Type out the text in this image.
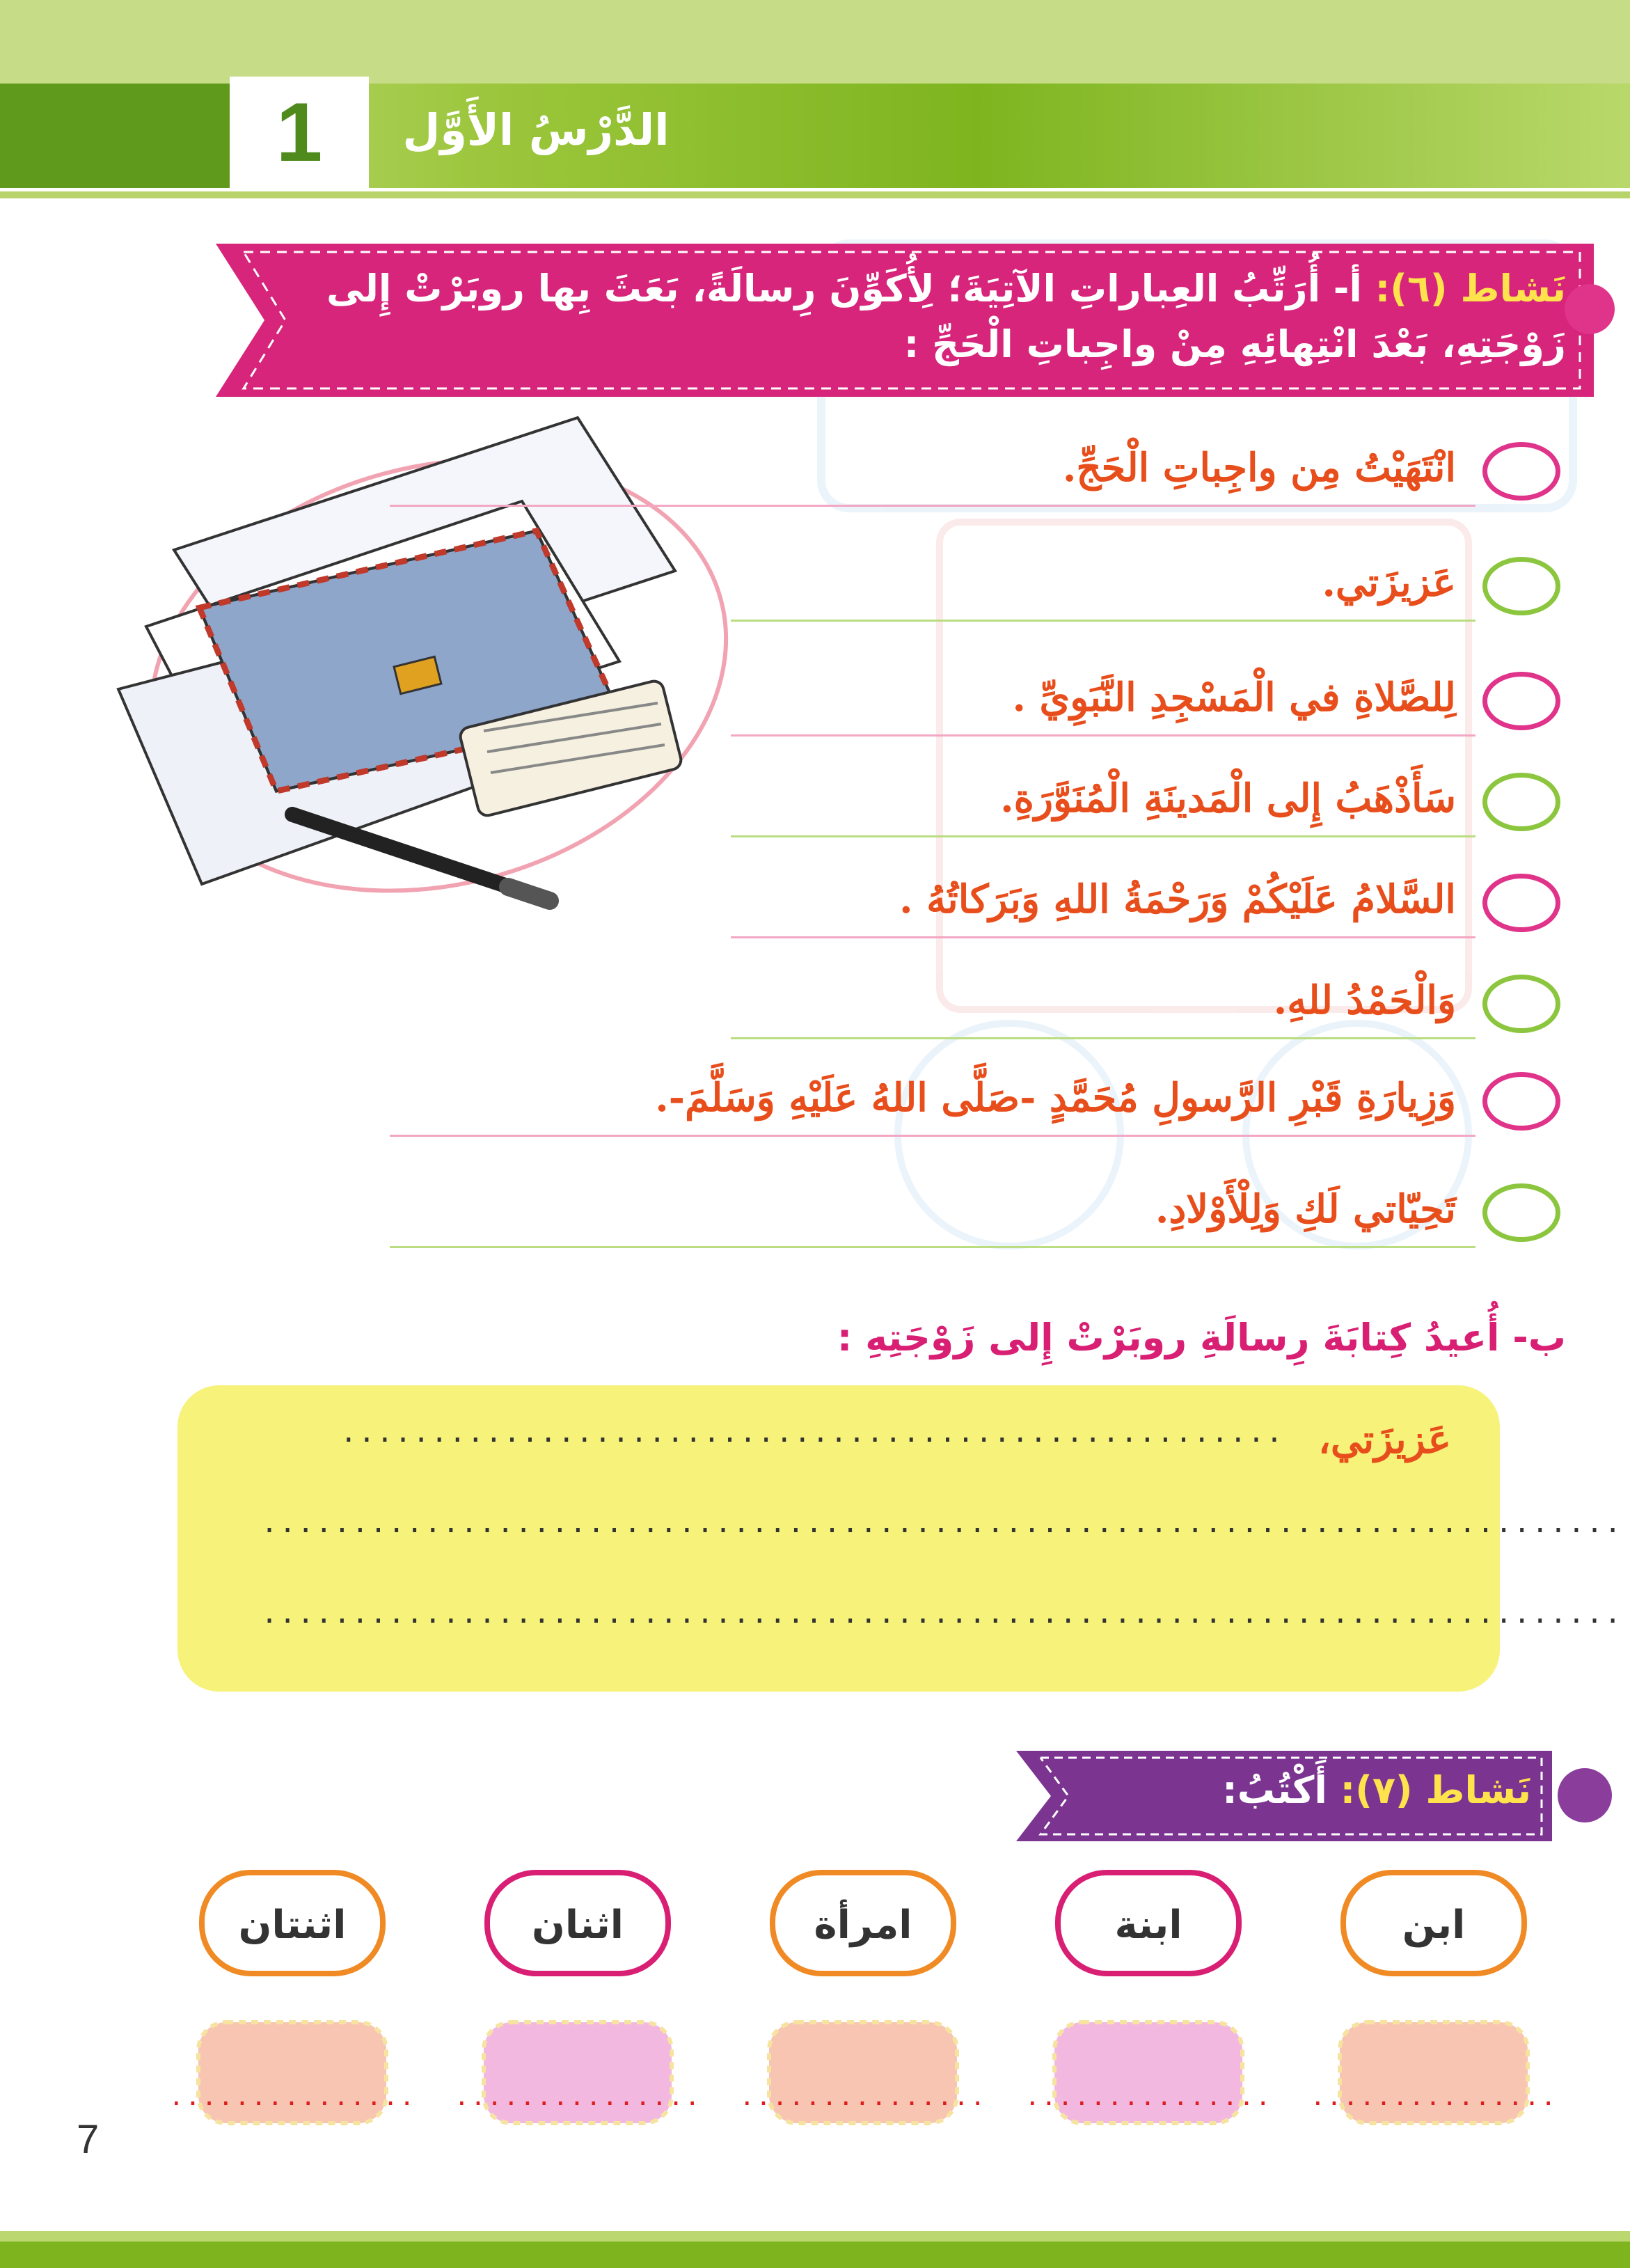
1	الدَّرْسُ الأَوَّل
نَشاط (٦): أ- أُرَتِّبُ العِباراتِ الآتِيَةَ؛ لِأُكَوِّنَ رِسالَةً، بَعَثَ بِها روبَرْتْ إِلى
زَوْجَتِهِ، بَعْدَ انْتِهائِهِ مِنْ واجِباتِ الْحَجِّ :
انْتَهَيْتُ مِن واجِباتِ الْحَجِّ.
عَزيزَتي.
لِلصَّلاةِ في الْمَسْجِدِ النَّبَوِيِّ .
سَأَذْهَبُ إِلى الْمَدينَةِ الْمُنَوَّرَةِ.
السَّلامُ عَلَيْكُمْ وَرَحْمَةُ اللهِ وَبَرَكاتُهُ .
وَالْحَمْدُ للهِ.
وَزِيارَةِ قَبْرِ الرَّسولِ مُحَمَّدٍ -صَلَّى اللهُ عَلَيْهِ وَسَلَّمَ-.
تَحِيّاتي لَكِ وَلِلْأَوْلادِ.
ب- أُعيدُ كِتابَةَ رِسالَةِ روبَرْتْ إِلى زَوْجَتِهِ :
عَزيزَتي،
....................................................
...........................................................................
...........................................................................
نَشاط (٧): أَكْتُبُ:
ابن
ابنة
امرأة
اثنان
اثنتان
...............
...............
...............
...............
...............
7
